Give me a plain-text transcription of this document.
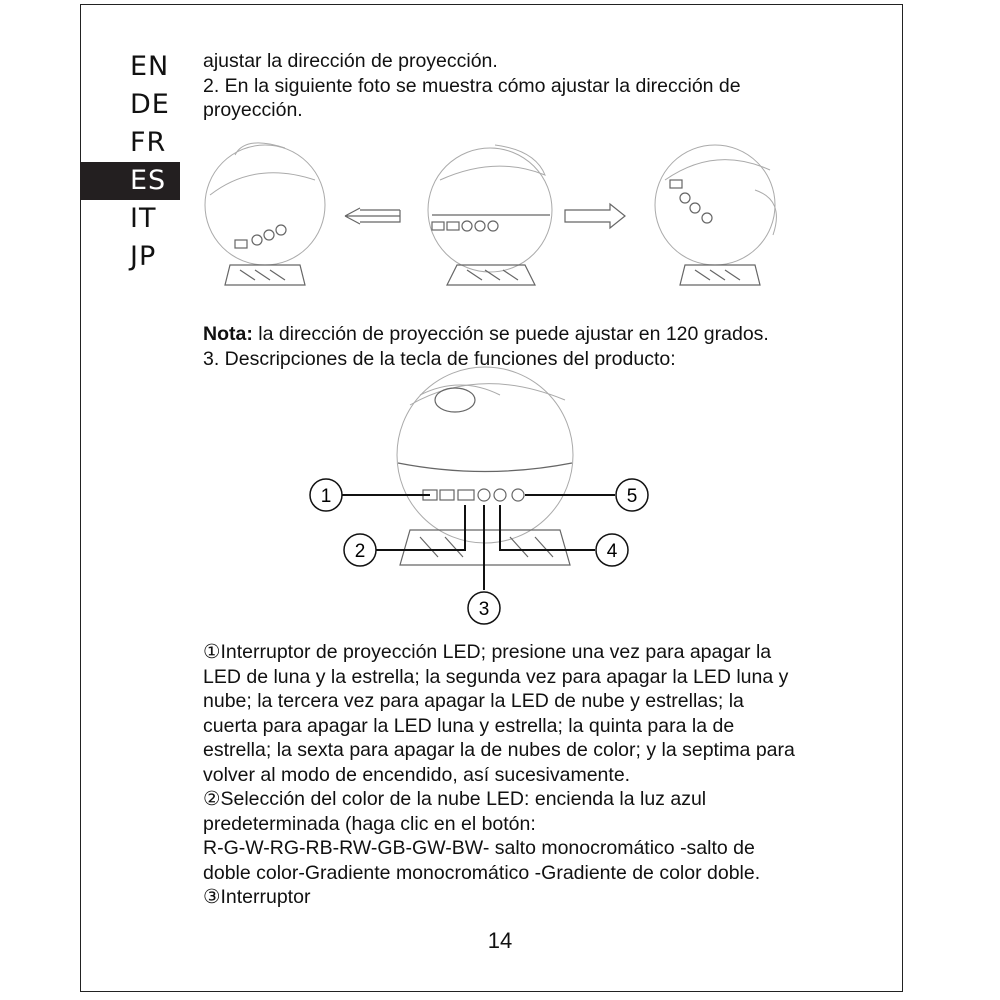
EN
DE
FR
ES
IT
JP
ajustar la dirección de proyección.
2. En la siguiente foto se muestra cómo ajustar la dirección de
proyección.
Nota: la dirección de proyección se puede ajustar en 120 grados.
3. Descripciones de la tecla de funciones del producto:
1
2
3
4
5

①Interruptor de proyección LED; presione una vez para apagar la

LED de luna y la estrella; la segunda vez para apagar la LED luna y

nube; la tercera vez para apagar la LED de nube y estrellas; la

cuerta para apagar la LED luna y estrella; la quinta para la de

estrella; la sexta para apagar la de nubes de color; y la septima para

volver al modo de encendido, así sucesivamente.

②Selección del color de la nube LED: encienda la luz azul

predeterminada (haga clic en el botón:

R-G-W-RG-RB-RW-GB-GW-BW- salto monocromático -salto de

doble color-Gradiente monocromático -Gradiente de color doble.

③Interruptor

14
